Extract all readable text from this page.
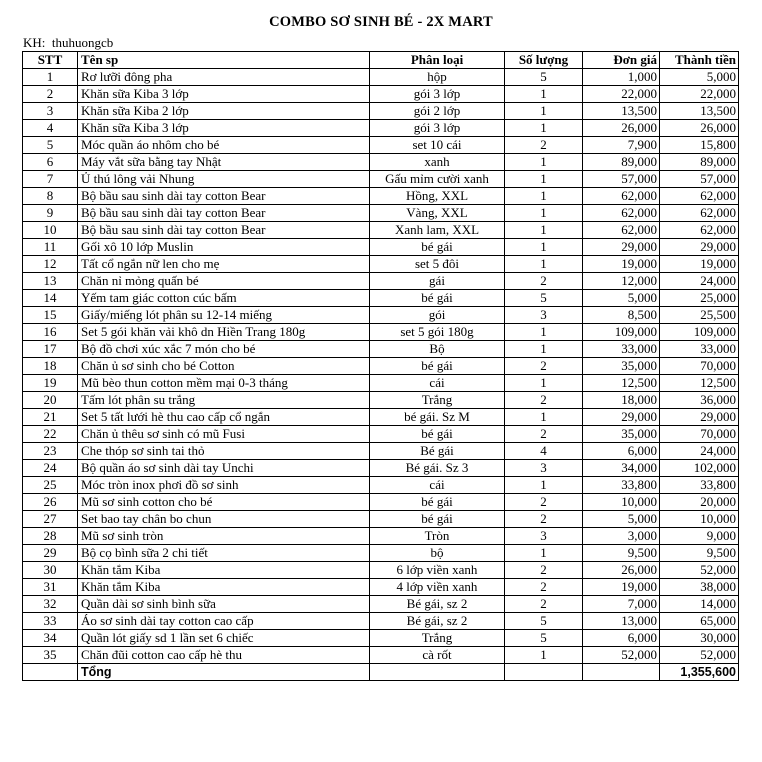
COMBO SƠ SINH BÉ - 2X MART
KH: thuhuongcb
STT	Tên sp	Phân loại	Số lượng	Đơn giá	Thành tiền
1	Rơ lưỡi đông pha	hộp	5	1,000	5,000
2	Khăn sữa Kiba 3 lớp	gói 3 lớp	1	22,000	22,000
3	Khăn sữa Kiba 2 lớp	gói 2 lớp	1	13,500	13,500
4	Khăn sữa Kiba 3 lớp	gói 3 lớp	1	26,000	26,000
5	Móc quần áo nhôm cho bé	set 10 cái	2	7,900	15,800
6	Máy vắt sữa bằng tay Nhật	xanh	1	89,000	89,000
7	Ủ thú lông vải Nhung	Gấu mỉm cười xanh	1	57,000	57,000
8	Bộ bầu sau sinh dài tay cotton Bear	Hồng, XXL	1	62,000	62,000
9	Bộ bầu sau sinh dài tay cotton Bear	Vàng, XXL	1	62,000	62,000
10	Bộ bầu sau sinh dài tay cotton Bear	Xanh lam, XXL	1	62,000	62,000
11	Gối xô 10 lớp Muslin	bé gái	1	29,000	29,000
12	Tất cổ ngắn nữ len cho mẹ	set 5 đôi	1	19,000	19,000
13	Chăn nỉ mỏng quấn bé	gái	2	12,000	24,000
14	Yếm tam giác cotton cúc bấm	bé gái	5	5,000	25,000
15	Giấy/miếng lót phân su 12-14 miếng	gói	3	8,500	25,500
16	Set 5 gói khăn vải khô dn Hiền Trang 180g	set 5 gói 180g	1	109,000	109,000
17	Bộ đồ chơi xúc xắc 7 món cho bé	Bộ	1	33,000	33,000
18	Chăn ủ sơ sinh cho bé Cotton	bé gái	2	35,000	70,000
19	Mũ bèo thun cotton mềm mại 0-3 tháng	cái	1	12,500	12,500
20	Tấm lót phân su trắng	Trắng	2	18,000	36,000
21	Set 5 tất lưới hè thu cao cấp cổ ngắn	bé gái. Sz M	1	29,000	29,000
22	Chăn ủ thêu sơ sinh có mũ Fusi	bé gái	2	35,000	70,000
23	Che thóp sơ sinh tai thỏ	Bé gái	4	6,000	24,000
24	Bộ quần áo sơ sinh dài tay Unchi	Bé gái. Sz 3	3	34,000	102,000
25	Móc tròn inox phơi đồ sơ sinh	cái	1	33,800	33,800
26	Mũ sơ sinh cotton cho bé	bé gái	2	10,000	20,000
27	Set bao tay chân bo chun	bé gái	2	5,000	10,000
28	Mũ sơ sinh tròn	Tròn	3	3,000	9,000
29	Bộ cọ bình sữa 2 chi tiết	bộ	1	9,500	9,500
30	Khăn tắm Kiba	6 lớp viền xanh	2	26,000	52,000
31	Khăn tắm Kiba	4 lớp viền xanh	2	19,000	38,000
32	Quần dài sơ sinh bình sữa	Bé gái, sz 2	2	7,000	14,000
33	Áo sơ sinh dài tay cotton cao cấp	Bé gái, sz 2	5	13,000	65,000
34	Quần lót giấy sd 1 lần set 6 chiếc	Trắng	5	6,000	30,000
35	Chăn đũi cotton cao cấp hè thu	cà rốt	1	52,000	52,000
	Tổng				1,355,600
